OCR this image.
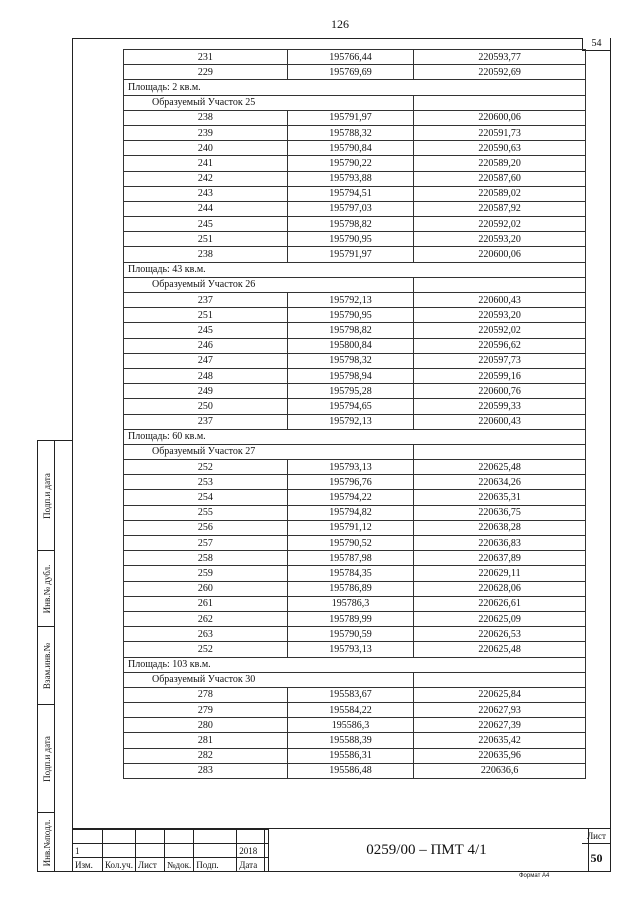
126
54
231	195766,44	220593,77
229	195769,69	220592,69
Площадь: 2 кв.м.		
Образуемый Участок 25		
238	195791,97	220600,06
239	195788,32	220591,73
240	195790,84	220590,63
241	195790,22	220589,20
242	195793,88	220587,60
243	195794,51	220589,02
244	195797,03	220587,92
245	195798,82	220592,02
251	195790,95	220593,20
238	195791,97	220600,06
Площадь: 43 кв.м.		
Образуемый Участок 26		
237	195792,13	220600,43
251	195790,95	220593,20
245	195798,82	220592,02
246	195800,84	220596,62
247	195798,32	220597,73
248	195798,94	220599,16
249	195795,28	220600,76
250	195794,65	220599,33
237	195792,13	220600,43
Площадь: 60 кв.м.		
Образуемый Участок 27		
252	195793,13	220625,48
253	195796,76	220634,26
254	195794,22	220635,31
255	195794,82	220636,75
256	195791,12	220638,28
257	195790,52	220636,83
258	195787,98	220637,89
259	195784,35	220629,11
260	195786,89	220628,06
261	195786,3	220626,61
262	195789,99	220625,09
263	195790,59	220626,53
252	195793,13	220625,48
Площадь: 103 кв.м.		
Образуемый Участок 30		
278	195583,67	220625,84
279	195584,22	220627,93
280	195586,3	220627,39
281	195588,39	220635,42
282	195586,31	220635,96
283	195586,48	220636,6
Подп.и дата
Инв.№ дубл.
Взам.инв.№
Подп.и дата
Инв.№подл.
						1					2018
Изм.	Кол.уч.	Лист	№док.	Подп.	Дата
0259/00 – ПМТ 4/1
Лист
50
Формат А4
